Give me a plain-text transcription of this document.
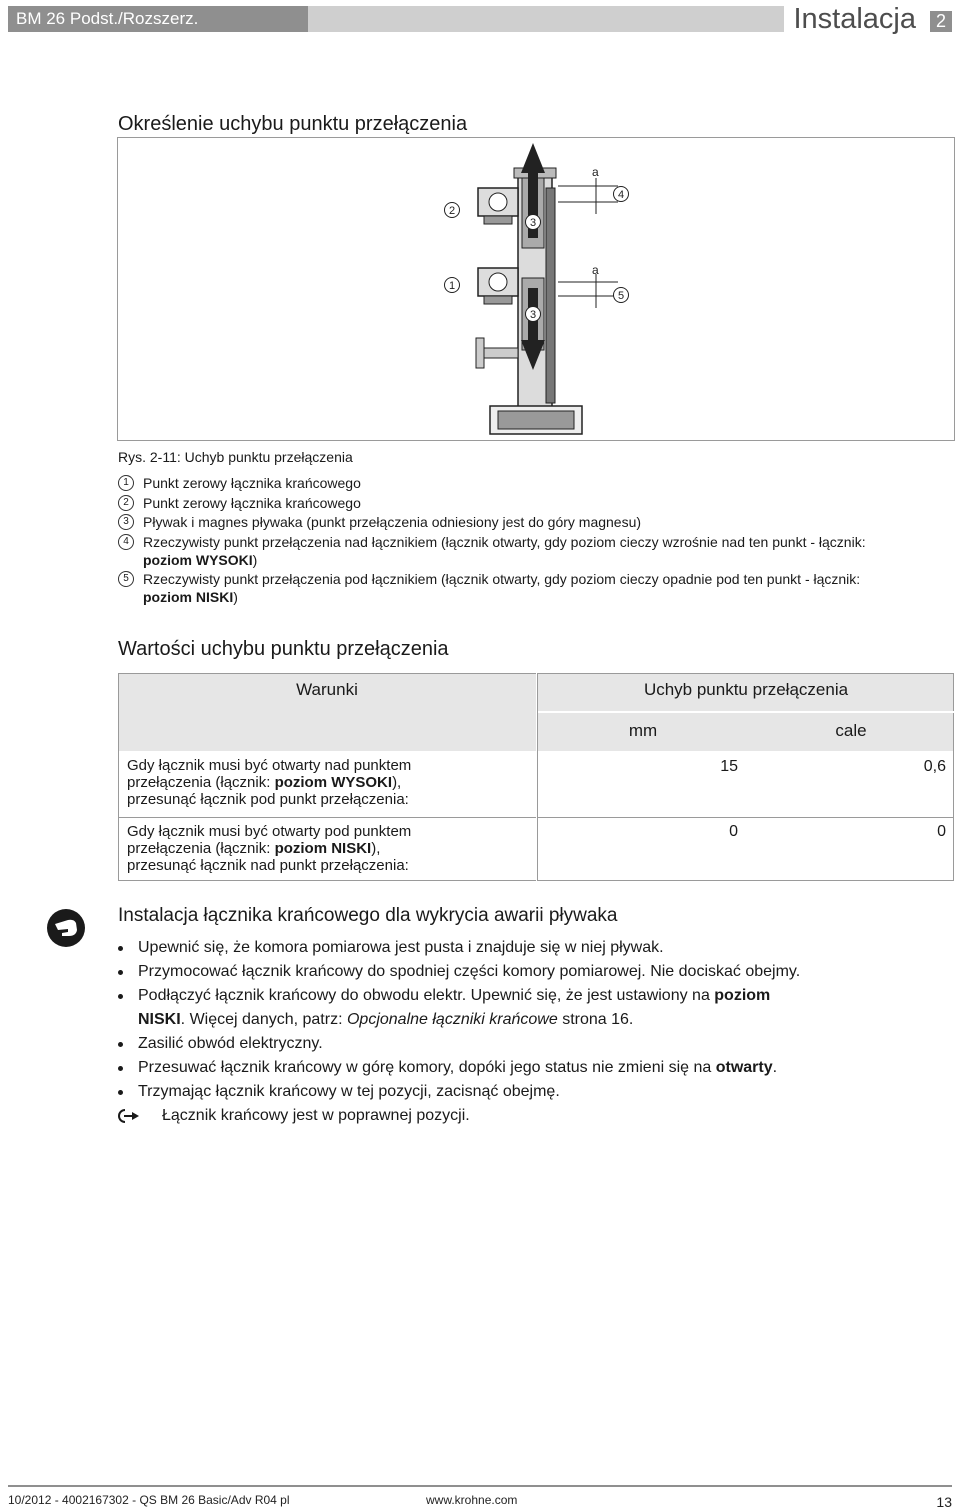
BM 26 Podst./Rozszerz.	Instalacja	2
Określenie uchybu punktu przełączenia
2
1
3
3
4
5
a
a
Rys. 2-11: Uchyb punktu przełączenia
1	Punkt zerowy łącznika krańcowego
2	Punkt zerowy łącznika krańcowego
3	Pływak i magnes pływaka (punkt przełączenia odniesiony jest do góry magnesu)
4	Rzeczywisty punkt przełączenia nad łącznikiem (łącznik otwarty, gdy poziom cieczy wzrośnie nad ten punkt - łącznik:
poziom WYSOKI)
5	Rzeczywisty punkt przełączenia pod łącznikiem (łącznik otwarty, gdy poziom cieczy opadnie pod ten punkt - łącznik:
poziom NISKI)
Wartości uchybu punktu przełączenia
Warunki	Uchyb punktu przełączenia
mm	cale
Gdy łącznik musi być otwarty nad punktem
przełączenia (łącznik: poziom WYSOKI),
przesunąć łącznik pod punkt przełączenia:
15	0,6
Gdy łącznik musi być otwarty pod punktem
przełączenia (łącznik: poziom NISKI),
przesunąć łącznik nad punkt przełączenia:
0	0
Instalacja łącznika krańcowego dla wykrycia awarii pływaka
Upewnić się, że komora pomiarowa jest pusta i znajduje się w niej pływak.
Przymocować łącznik krańcowy do spodniej części komory pomiarowej. Nie dociskać obejmy.
Podłączyć łącznik krańcowy do obwodu elektr. Upewnić się, że jest ustawiony na poziom
NISKI. Więcej danych, patrz: Opcjonalne łączniki krańcowe strona 16.
Zasilić obwód elektryczny.
Przesuwać łącznik krańcowy w górę komory, dopóki jego status nie zmieni się na otwarty.
Trzymając łącznik krańcowy w tej pozycji, zacisnąć obejmę.
Łącznik krańcowy jest w poprawnej pozycji.
10/2012 - 4002167302 - QS BM 26 Basic/Adv R04 pl	www.krohne.com	13
